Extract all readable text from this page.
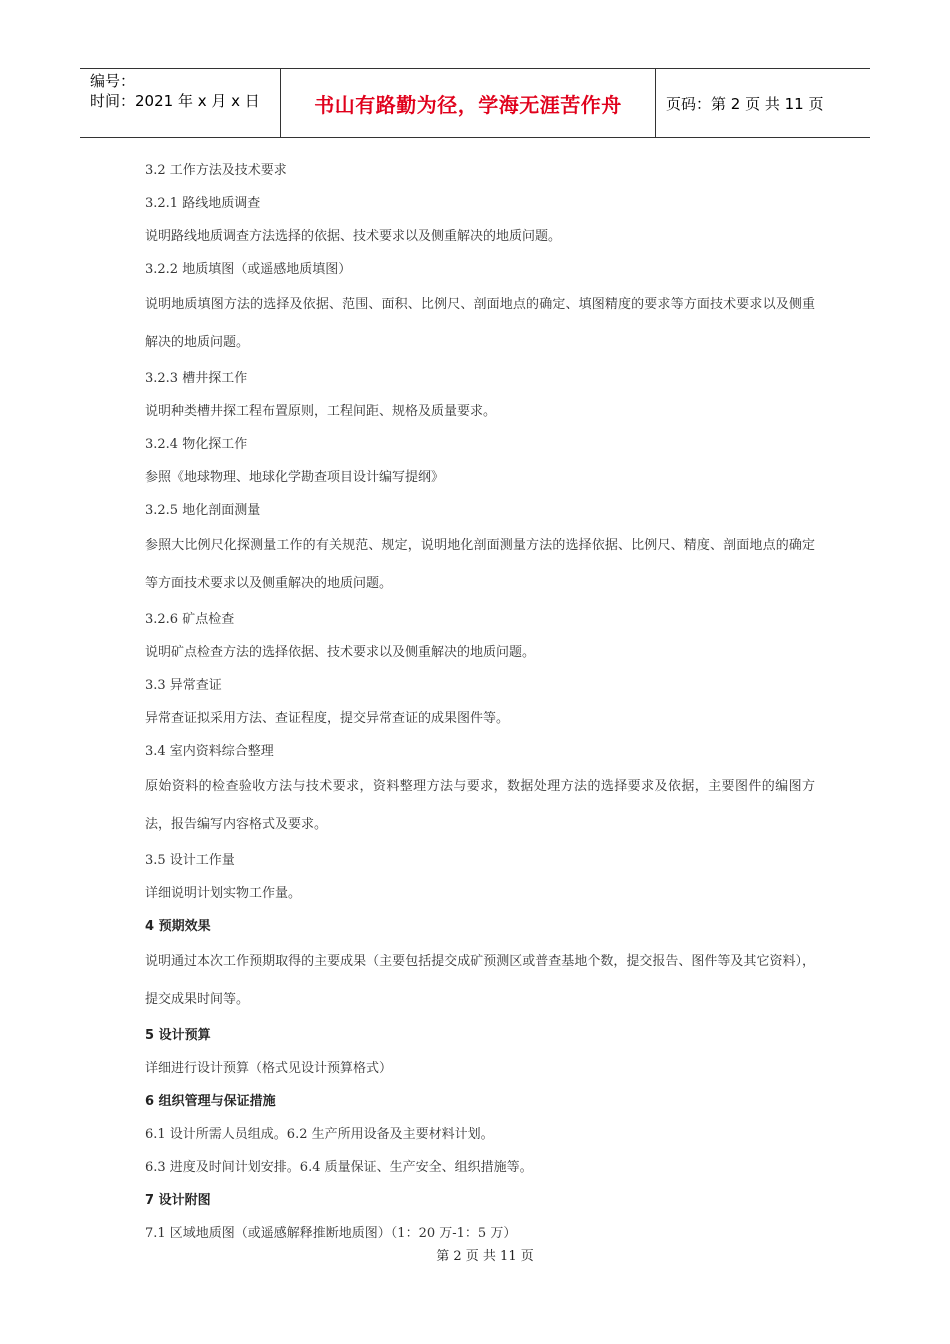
编号：
时间：2021 年 x 月 x 日	书山有路勤为径，学海无涯苦作舟	页码：第 2 页 共 11 页
3.2 工作方法及技术要求
3.2.1 路线地质调查
说明路线地质调查方法选择的依据、技术要求以及侧重解决的地质问题。
3.2.2 地质填图（或遥感地质填图）
说明地质填图方法的选择及依据、范围、面积、比例尺、剖面地点的确定、填图精度的要求等方面技术要求以及侧重解决的地质问题。
3.2.3 槽井探工作
说明种类槽井探工程布置原则，工程间距、规格及质量要求。
3.2.4 物化探工作
参照《地球物理、地球化学勘查项目设计编写提纲》
3.2.5 地化剖面测量
参照大比例尺化探测量工作的有关规范、规定，说明地化剖面测量方法的选择依据、比例尺、精度、剖面地点的确定等方面技术要求以及侧重解决的地质问题。
3.2.6 矿点检查
说明矿点检查方法的选择依据、技术要求以及侧重解决的地质问题。
3.3 异常查证
异常查证拟采用方法、查证程度，提交异常查证的成果图件等。
3.4 室内资料综合整理
原始资料的检查验收方法与技术要求，资料整理方法与要求，数据处理方法的选择要求及依据，主要图件的编图方法，报告编写内容格式及要求。
3.5 设计工作量
详细说明计划实物工作量。
4 预期效果
说明通过本次工作预期取得的主要成果（主要包括提交成矿预测区或普查基地个数，提交报告、图件等及其它资料），提交成果时间等。
5 设计预算
详细进行设计预算（格式见设计预算格式）
6 组织管理与保证措施
6.1 设计所需人员组成。6.2 生产所用设备及主要材料计划。
6.3 进度及时间计划安排。6.4 质量保证、生产安全、组织措施等。
7 设计附图
7.1 区域地质图（或遥感解释推断地质图）（1：20 万-1：5 万）
第 2 页 共 11 页
